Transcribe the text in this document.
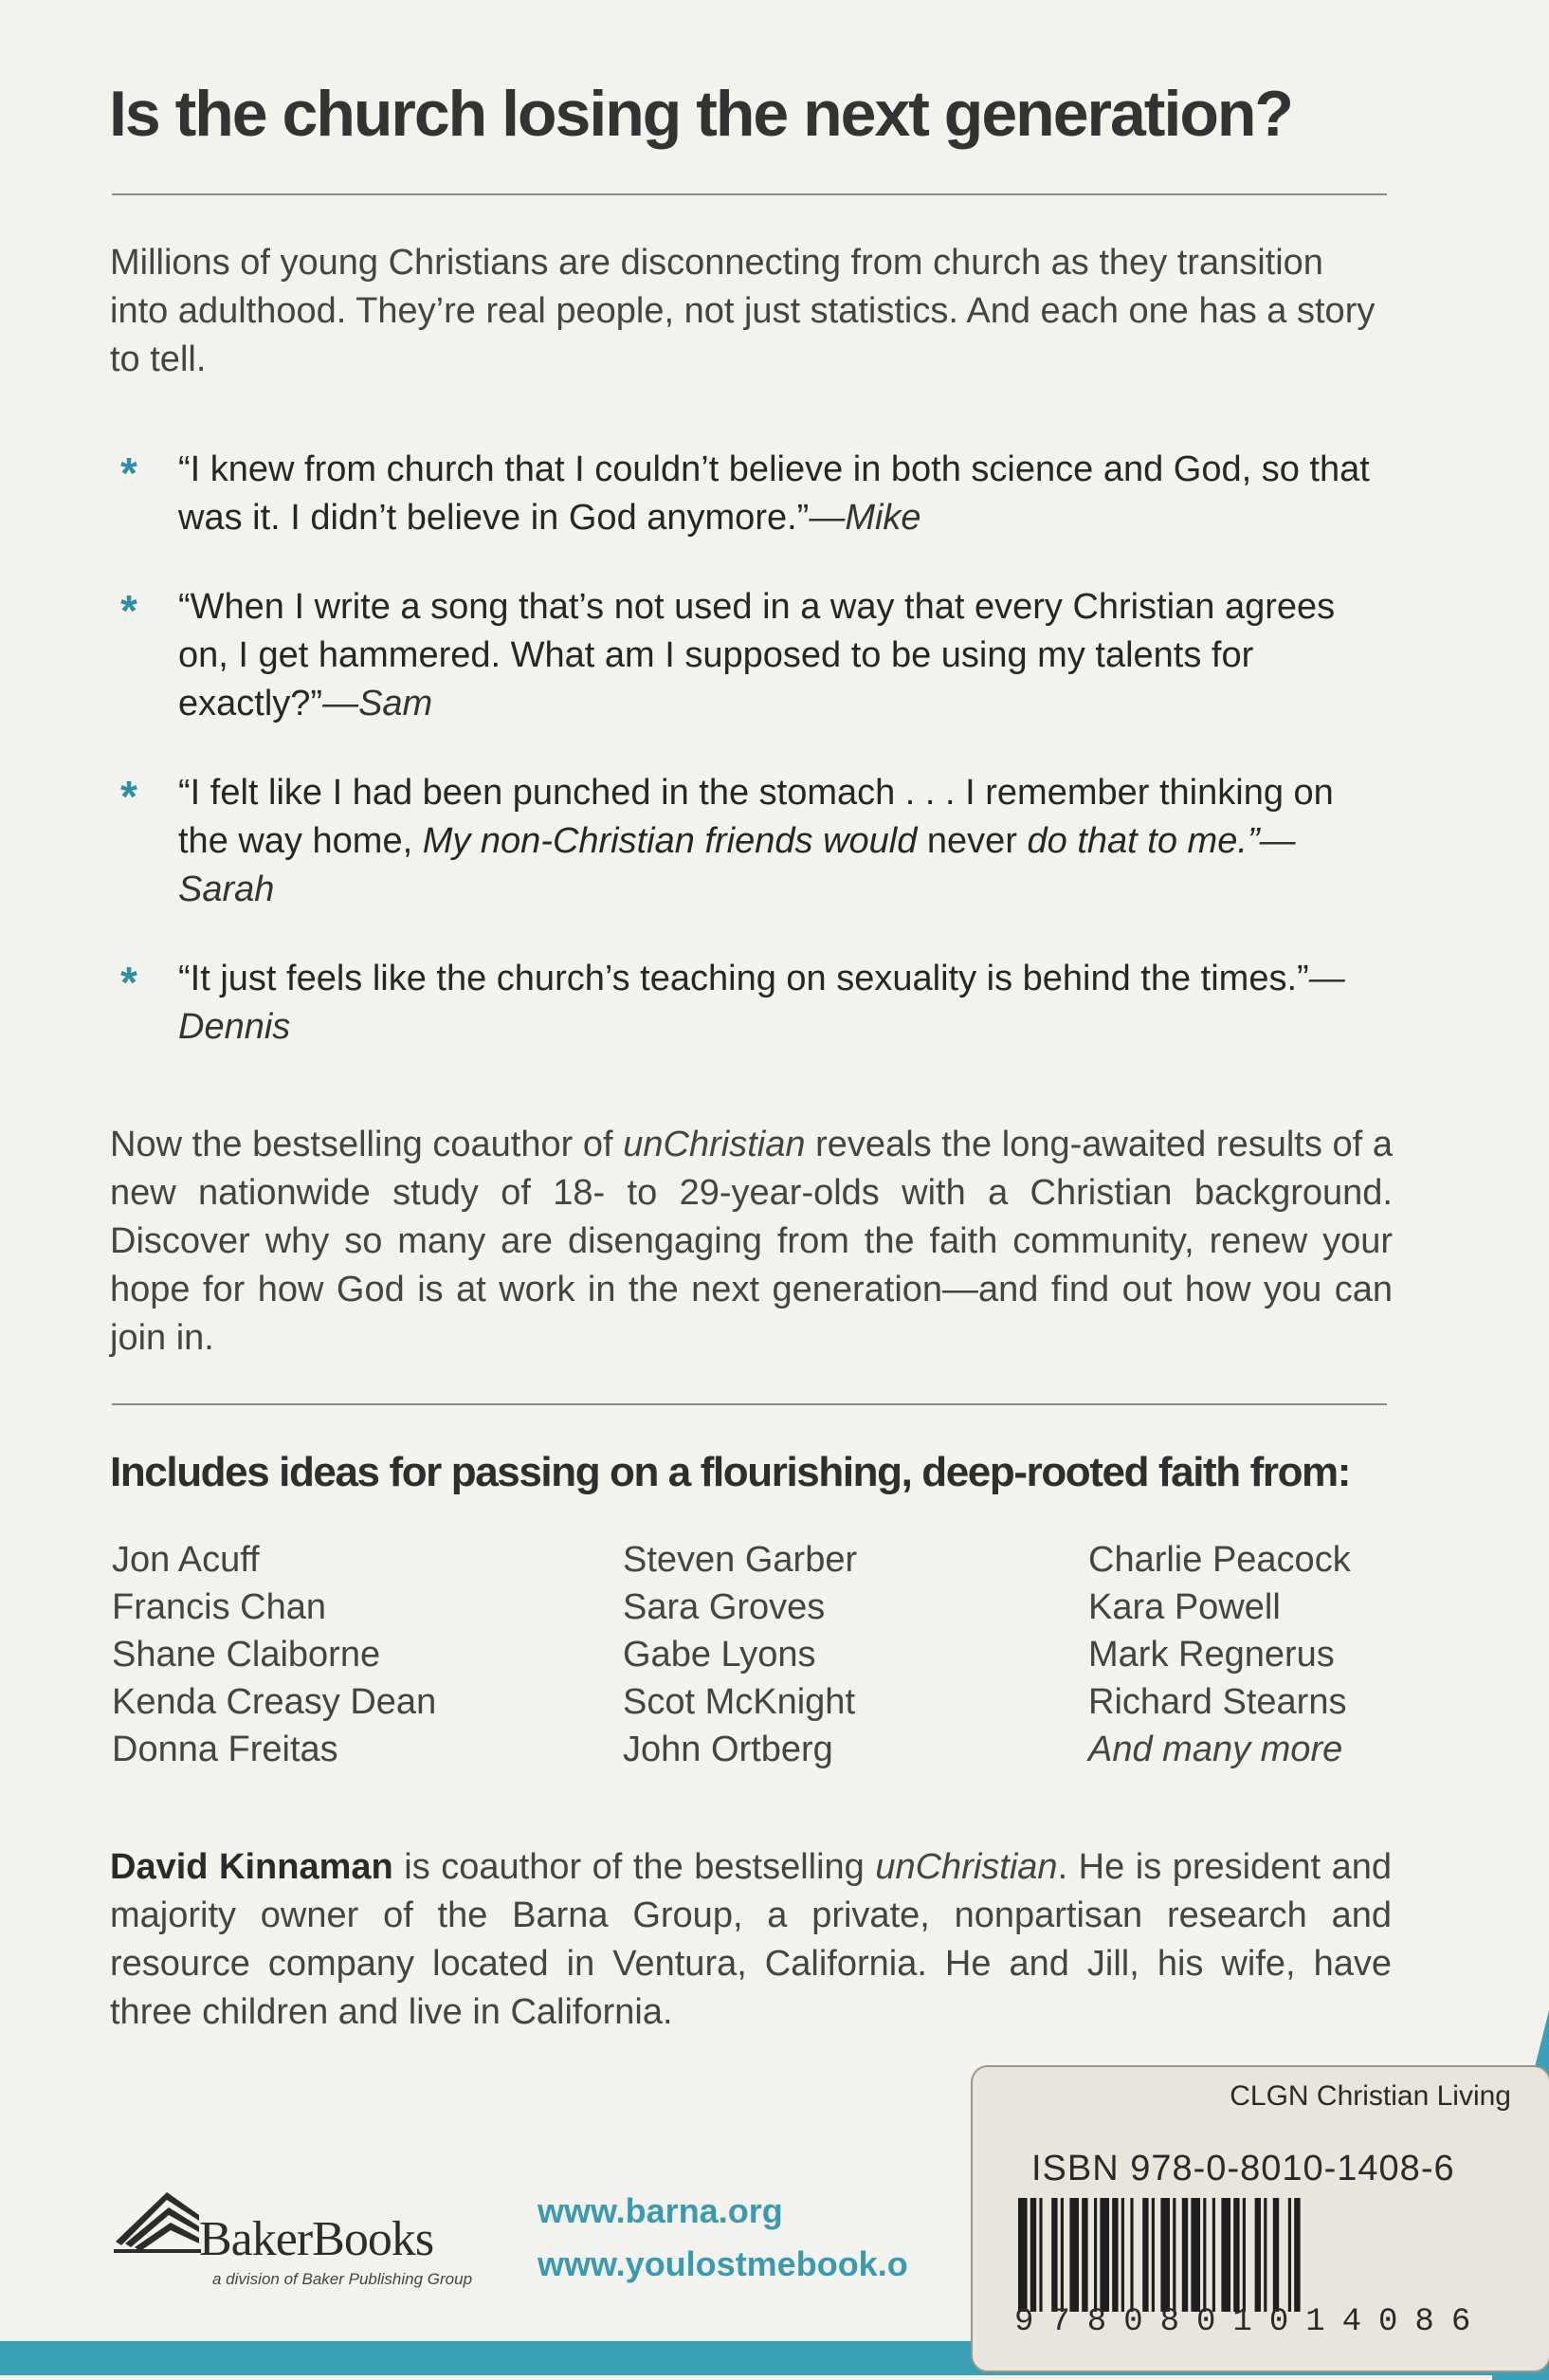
Is the church losing the next generation?

Millions of young Christians are disconnecting from church as they transition into adulthood. They’re real people, not just statistics. And each one has a story to tell.

* “I knew from church that I couldn’t believe in both science and God, so that was it. I didn’t believe in God anymore.”—Mike
* “When I write a song that’s not used in a way that every Christian agrees on, I get hammered. What am I supposed to be using my talents for exactly?”—Sam
* “I felt like I had been punched in the stomach . . . I remember thinking on the way home, My non-Christian friends would never do that to me.”—Sarah
* “It just feels like the church’s teaching on sexuality is behind the times.”—Dennis

Now the bestselling coauthor of unChristian reveals the long-awaited results of a new nationwide study of 18- to 29-year-olds with a Christian background. Discover why so many are disengaging from the faith community, renew your hope for how God is at work in the next generation—and find out how you can join in.

Includes ideas for passing on a flourishing, deep-rooted faith from:
Jon Acuff
Francis Chan
Shane Claiborne
Kenda Creasy Dean
Donna Freitas
Steven Garber
Sara Groves
Gabe Lyons
Scot McKnight
John Ortberg
Charlie Peacock
Kara Powell
Mark Regnerus
Richard Stearns
And many more

David Kinnaman is coauthor of the bestselling unChristian. He is president and majority owner of the Barna Group, a private, nonpartisan research and resource company located in Ventura, California. He and Jill, his wife, have three children and live in California.

BakerBooks
a division of Baker Publishing Group
www.barna.org
www.youlostmebook.o
CLGN Christian Living
ISBN 978-0-8010-1408-6
9780801014086
